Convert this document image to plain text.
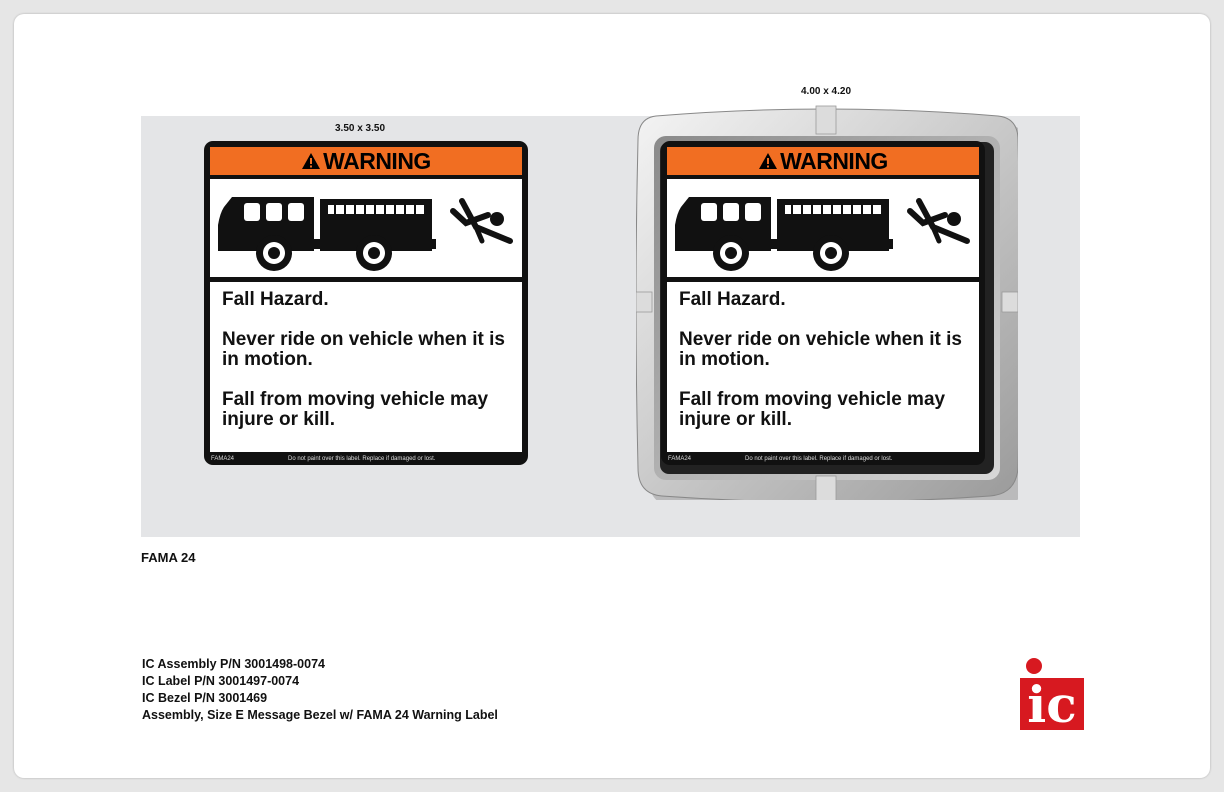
3.50 x 3.50
4.00 x 4.20
WARNING

Fall Hazard.

Never ride on vehicle when it is in motion.

Fall from moving vehicle may injure or kill.

FAMA24	Do not paint over this label. Replace if damaged or lost.
WARNING

Fall Hazard.

Never ride on vehicle when it is in motion.

Fall from moving vehicle may injure or kill.

FAMA24	Do not paint over this label. Replace if damaged or lost.
FAMA 24
IC Assembly P/N 3001498-0074
IC Label P/N 3001497-0074
IC Bezel P/N 3001469
Assembly, Size E Message Bezel w/ FAMA 24 Warning Label	ic
